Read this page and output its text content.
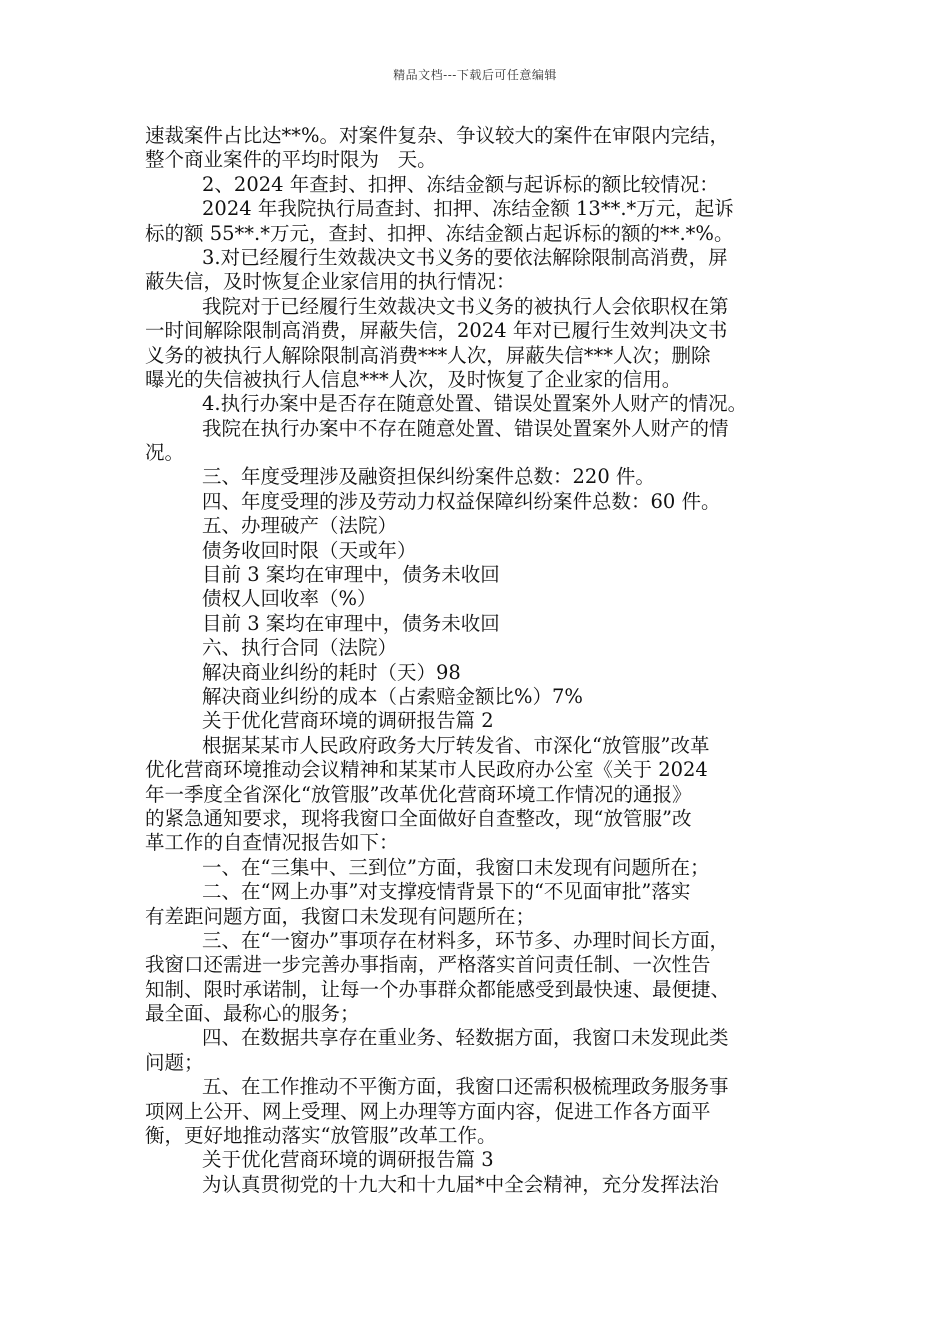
精品文档---下载后可任意编辑
速裁案件占比达**%。对案件复杂、争议较大的案件在审限内完结，
整个商业案件的平均时限为   天。
2、2024 年查封、扣押、冻结金额与起诉标的额比较情况：
2024 年我院执行局查封、扣押、冻结金额 13**.*万元，起诉
标的额 55**.*万元，查封、扣押、冻结金额占起诉标的额的**.*%。
3.对已经履行生效裁决文书义务的要依法解除限制高消费，屏
蔽失信，及时恢复企业家信用的执行情况：
我院对于已经履行生效裁决文书义务的被执行人会依职权在第
一时间解除限制高消费，屏蔽失信，2024 年对已履行生效判决文书
义务的被执行人解除限制高消费***人次，屏蔽失信***人次；删除
曝光的失信被执行人信息***人次，及时恢复了企业家的信用。
4.执行办案中是否存在随意处置、错误处置案外人财产的情况。
我院在执行办案中不存在随意处置、错误处置案外人财产的情
况。
三、年度受理涉及融资担保纠纷案件总数：220 件。
四、年度受理的涉及劳动力权益保障纠纷案件总数：60 件。
五、办理破产（法院）
债务收回时限（天或年）
目前 3 案均在审理中，债务未收回
债权人回收率（%）
目前 3 案均在审理中，债务未收回
六、执行合同（法院）
解决商业纠纷的耗时（天）98
解决商业纠纷的成本（占索赔金额比%）7%
关于优化营商环境的调研报告篇 2
根据某某市人民政府政务大厅转发省、市深化“放管服”改革
优化营商环境推动会议精神和某某市人民政府办公室《关于 2024
年一季度全省深化“放管服”改革优化营商环境工作情况的通报》
的紧急通知要求，现将我窗口全面做好自查整改，现“放管服”改
革工作的自查情况报告如下：
一、在“三集中、三到位”方面，我窗口未发现有问题所在；
二、在“网上办事”对支撑疫情背景下的“不见面审批”落实
有差距问题方面，我窗口未发现有问题所在；
三、在“一窗办”事项存在材料多，环节多、办理时间长方面，
我窗口还需进一步完善办事指南，严格落实首问责任制、一次性告
知制、限时承诺制，让每一个办事群众都能感受到最快速、最便捷、
最全面、最称心的服务；
四、在数据共享存在重业务、轻数据方面，我窗口未发现此类
问题；
五、在工作推动不平衡方面，我窗口还需积极梳理政务服务事
项网上公开、网上受理、网上办理等方面内容，促进工作各方面平
衡，更好地推动落实“放管服”改革工作。
关于优化营商环境的调研报告篇 3
为认真贯彻党的十九大和十九届*中全会精神，充分发挥法治
